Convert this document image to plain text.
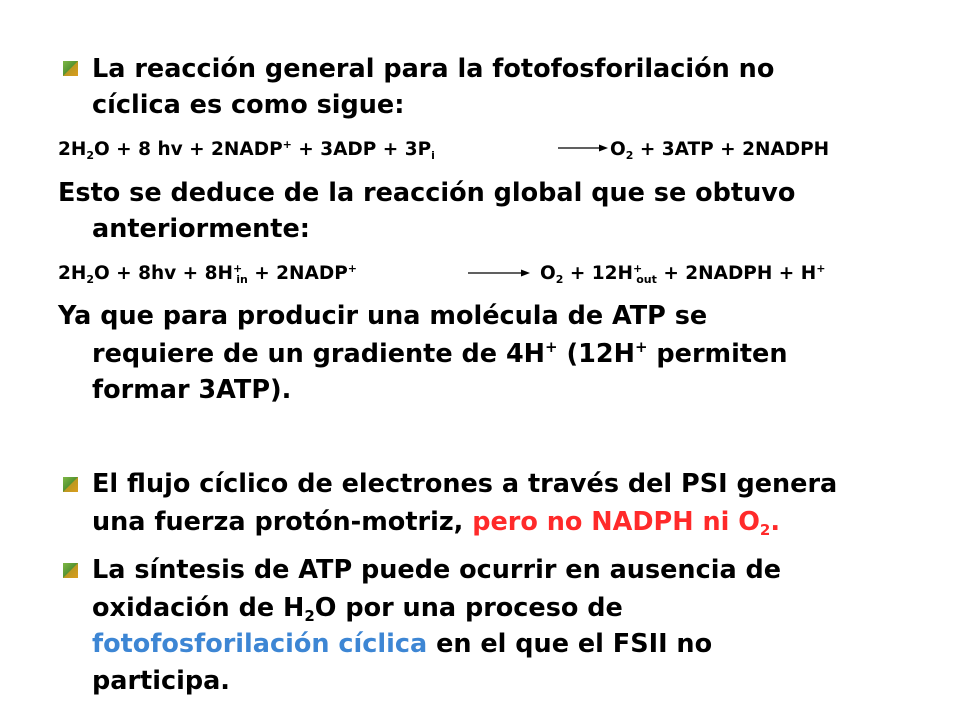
La reacción general para la fotofosforilación no
cíclica es como sigue:
$2H_2O + 8$ hv + 2NADP+ + $3ADP + 3P_i \to O_2 + 3ATP$ + 2NADPH
Esto se deduce de la reacción global que se obtuvo
anteriormente:
$2H_2O + 8hv + 8H^+_{in}$ + 2NADP+	→ $O_2 + 12H^+_{out}$ + 2NADPH + H+
Ya que para producir una molécula de ATP se
requiere de un gradiente de 4H+ (12H+ permiten
formar 3ATP).
El flujo cíclico de electrones a través del PSI genera
una fuerza protón-motriz, pero no NADPH ni $O_2$.
La síntesis de ATP puede ocurrir en ausencia de
oxidación de $H_2O$ por una proceso de
fotofosforilación cíclica en el que el FSII no
participa.
